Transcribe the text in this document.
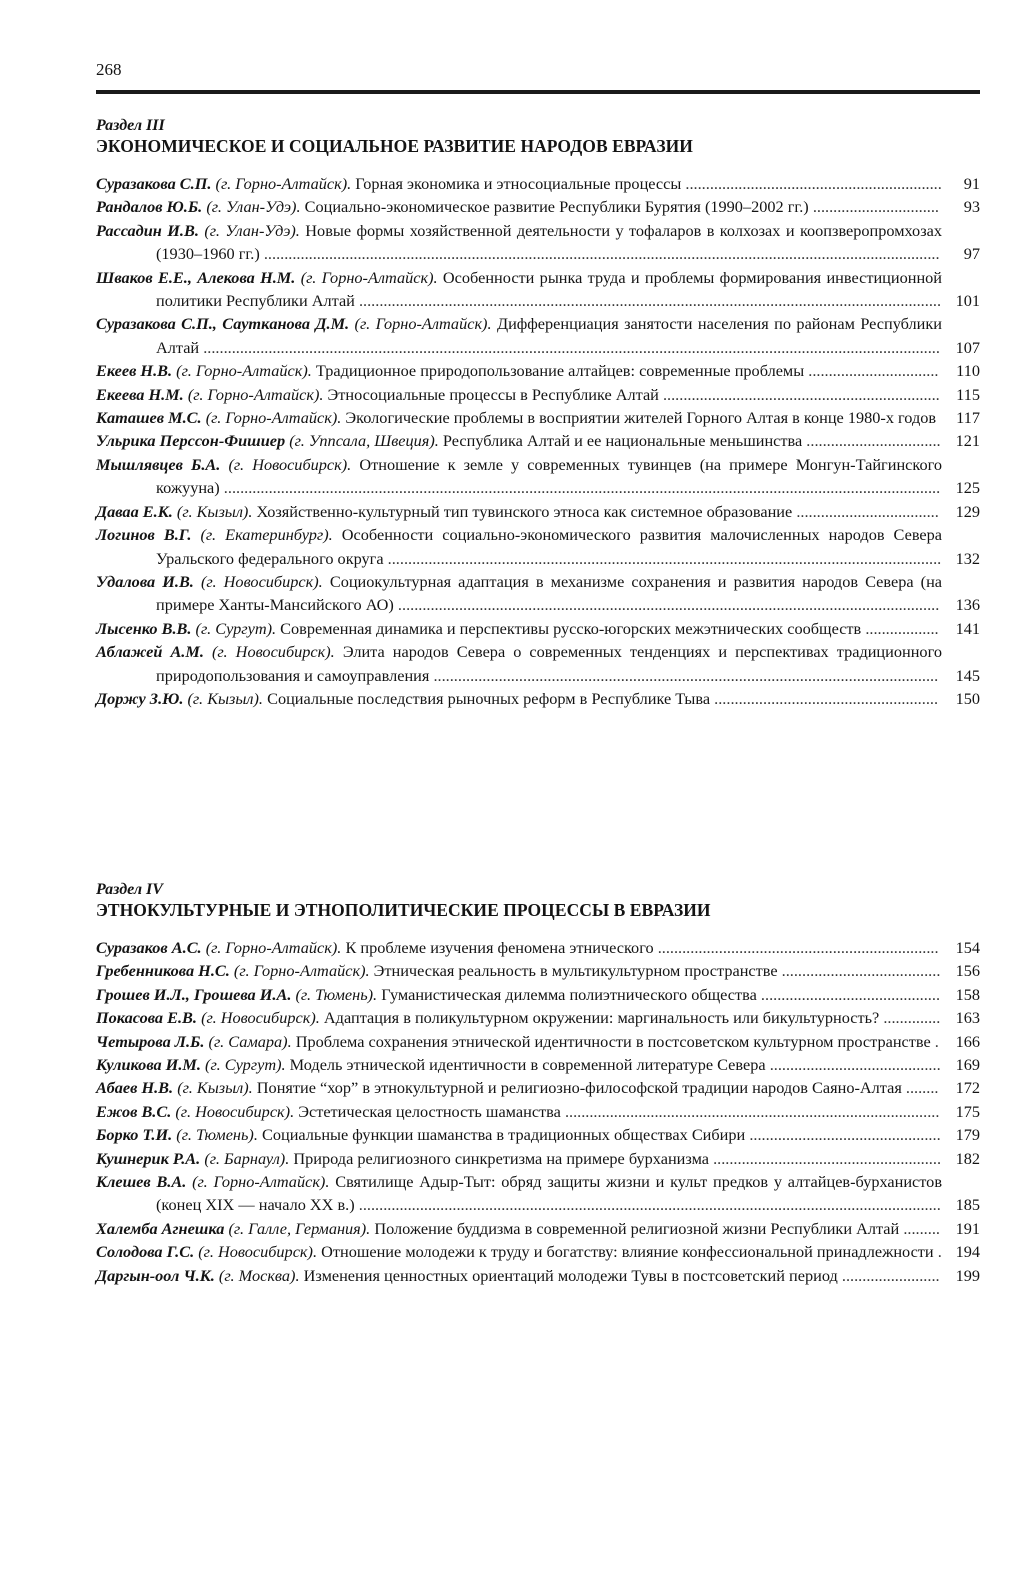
268
Раздел III
ЭКОНОМИЧЕСКОЕ И СОЦИАЛЬНОЕ РАЗВИТИЕ НАРОДОВ ЕВРАЗИИ
Суразакова С.П. (г. Горно-Алтайск). Горная экономика и этносоциальные процессы ...............................................................	91
Рандалов Ю.Б. (г. Улан-Удэ). Социально-экономическое развитие Республики Бурятия (1990–2002 гг.) ...............................	93
Рассадин И.В. (г. Улан-Удэ). Новые формы хозяйственной деятельности у тофаларов в колхозах и коопзверопромхозах (1930–1960 гг.) ......................................................................................................................................................................	97
Шваков Е.Е., Алекова Н.М. (г. Горно-Алтайск). Особенности рынка труда и проблемы формирования инвестиционной политики Республики Алтай ............................................................................................................................................... 101
Суразакова С.П., Сауткaнова Д.М. (г. Горно-Алтайск). Дифференциация занятости населения по районам Республики Алтай ..................................................................................................................................................................................... 107
Екеев Н.В. (г. Горно-Алтайск). Традиционное природопользование алтайцев: современные проблемы ................................	110
Екеева Н.М. (г. Горно-Алтайск). Этносоциальные процессы в Республике Алтай ....................................................................	115
Каташев М.С. (г. Горно-Алтайск). Экологические проблемы в восприятии жителей Горного Алтая в конце 1980-х годов	117
Ульрика Перссон-Фишиер (г. Уппсала, Швеция). Республика Алтай и ее национальные меньшинства ................................. 121
Мышлявцев Б.А. (г. Новосибирск). Отношение к земле у современных тувинцев (на примере Монгун-Тайгинского кожууна) ................................................................................................................................................................................ 125
Даваа Е.К. (г. Кызыл). Хозяйственно-культурный тип тувинского этноса как системное образование ...................................	129
Логинов В.Г. (г. Екатеринбург). Особенности социально-экономического развития малочисленных народов Севера Уральского федерального округа ........................................................................................................................................ 132
Удалова И.В. (г. Новосибирск). Социокультурная адаптация в механизме сохранения и развития народов Севера (на примере Ханты-Мансийского АО) ..................................................................................................................................... 136
Лысенко В.В. (г. Сургут). Современная динамика и перспективы русско-югорских межэтнических сообществ ..................	141
Аблажей А.М. (г. Новосибирск). Элита народов Севера о современных тенденциях и перспективах традиционного природопользования и самоуправления ............................................................................................................................	145
Доржу З.Ю. (г. Кызыл). Социальные последствия рыночных реформ в Республике Тыва .......................................................	150
Раздел IV
ЭТНОКУЛЬТУРНЫЕ И ЭТНОПОЛИТИЧЕСКИЕ ПРОЦЕССЫ В ЕВРАЗИИ
Суразаков А.С. (г. Горно-Алтайск). К проблеме изучения феномена этнического .....................................................................	154
Гребенникова Н.С. (г. Горно-Алтайск). Этническая реальность в мультикультурном пространстве ....................................... 156
Грошев И.Л., Грошева И.А. (г. Тюмень). Гуманистическая дилемма полиэтнического общества ............................................ 158
Покасова Е.В. (г. Новосибирск). Адаптация в поликультурном окружении: маргинальность или бикультурность? .............. 163
Четырова Л.Б. (г. Самара). Проблема сохранения этнической идентичности в постсоветском культурном пространстве .	166
Куликова И.М. (г. Сургут). Модель этнической идентичности в современной литературе Севера .......................................... 169
Абаев Н.В. (г. Кызыл). Понятие “хор” в этнокультурной и религиозно-философской традиции народов Саяно-Алтая ........	172
Ежов В.С. (г. Новосибирск). Эстетическая целостность шаманства ............................................................................................ 175
Борко Т.И. (г. Тюмень). Социальные функции шаманства в традиционных обществах Сибири ............................................... 179
Кушнерик Р.А. (г. Барнаул). Природа религиозного синкретизма на примере бурханизма ........................................................ 182
Клешев В.А. (г. Горно-Алтайск). Святилище Адыр-Тыт: обряд защиты жизни и культ предков у алтайцев-бурханистов (конец XIX — начало XX в.) ............................................................................................................................................... 185
Халемба Агнешка (г. Галле, Германия). Положение буддизма в современной религиозной жизни Республики Алтай ......... 191
Солодова Г.С. (г. Новосибирск). Отношение молодежи к труду и богатству: влияние конфессиональной принадлежности . 194
Даргын-оол Ч.К. (г. Москва). Изменения ценностных ориентаций молодежи Тувы в постсоветский период ........................ 199
